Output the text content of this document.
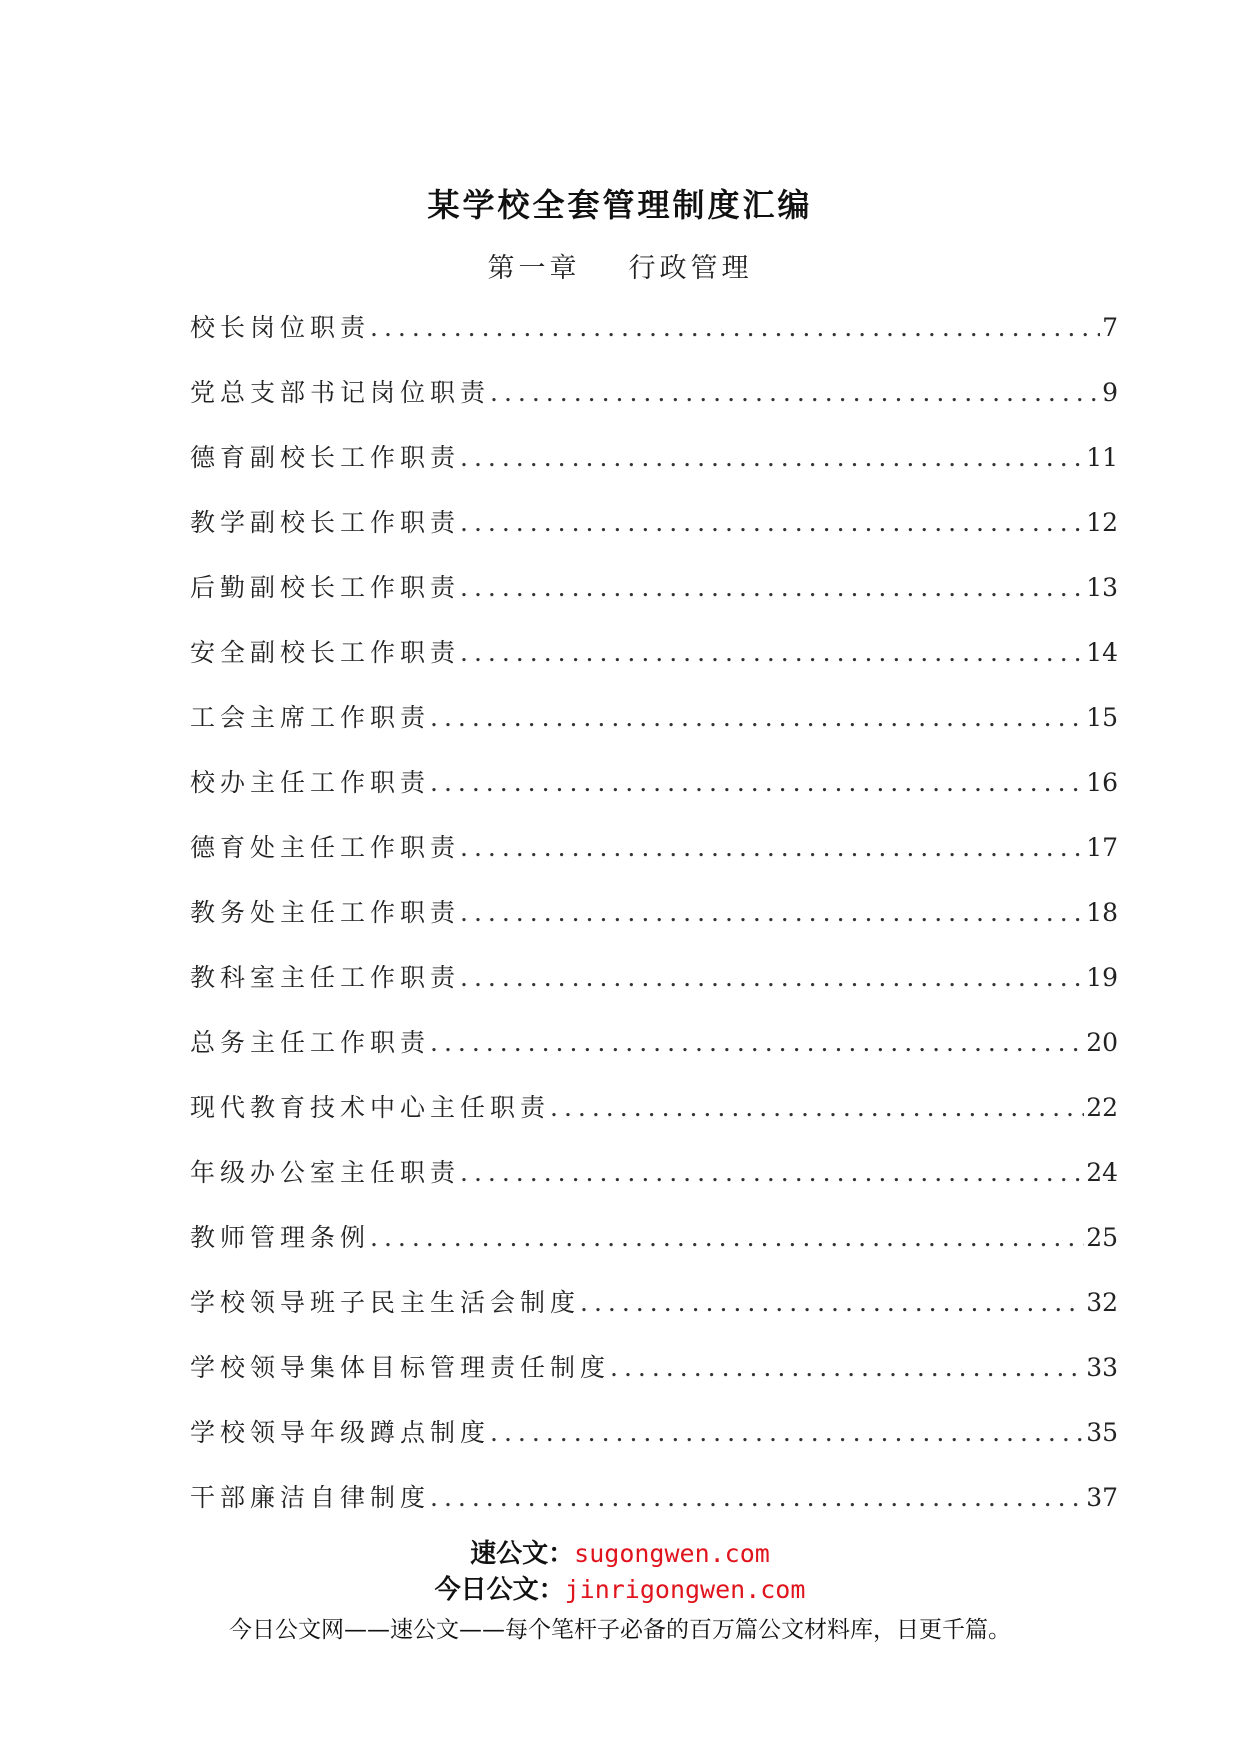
某学校全套管理制度汇编
第一章 行政管理
校长岗位职责 .....	7
党总支部书记岗位职责 .....	9
德育副校长工作职责 .....	11
教学副校长工作职责 .....	12
后勤副校长工作职责 .....	13
安全副校长工作职责 .....	14
工会主席工作职责 .....	15
校办主任工作职责 .....	16
德育处主任工作职责 .....	17
教务处主任工作职责 .....	18
教科室主任工作职责 .....	19
总务主任工作职责 .....	20
现代教育技术中心主任职责 .....	22
年级办公室主任职责 .....	24
教师管理条例 .....	25
学校领导班子民主生活会制度 .....	32
学校领导集体目标管理责任制度 .....	33
学校领导年级蹲点制度 .....	35
干部廉洁自律制度 .....	37
速公文：sugongwen.com
今日公文：jinrigongwen.com
今日公文网——速公文——每个笔杆子必备的百万篇公文材料库，日更千篇。
